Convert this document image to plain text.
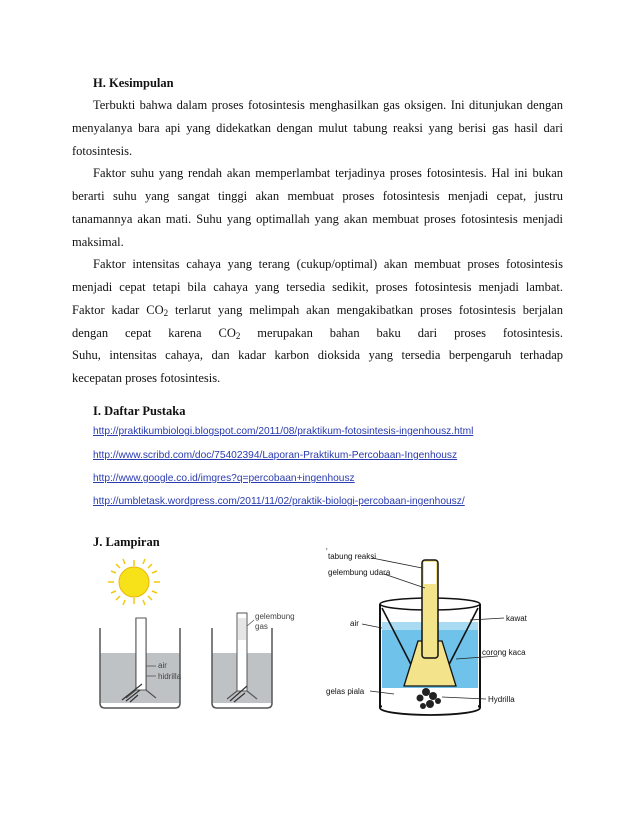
H. Kesimpulan
Terbukti bahwa dalam proses fotosintesis menghasilkan gas oksigen. Ini ditunjukan dengan
menyalanya bara api yang didekatkan dengan mulut tabung reaksi yang berisi gas hasil dari
fotosintesis.
Faktor suhu yang rendah akan memperlambat terjadinya proses fotosintesis. Hal ini bukan
berarti suhu yang sangat tinggi akan membuat proses fotosintesis menjadi cepat, justru
tanamannya akan mati. Suhu yang optimallah yang akan membuat proses fotosintesis menjadi
maksimal.
Faktor intensitas cahaya yang terang (cukup/optimal) akan membuat proses fotosintesis
menjadi cepat tetapi bila cahaya yang tersedia sedikit, proses fotosintesis menjadi lambat.
Faktor kadar $CO_2$ terlarut yang melimpah akan mengakibatkan proses fotosintesis berjalan
dengan cepat karena $CO_2$ merupakan bahan baku dari proses fotosintesis.
Suhu, intensitas cahaya, dan kadar karbon dioksida yang tersedia berpengaruh terhadap
kecepatan proses fotosintesis.
I. Daftar Pustaka
http://praktikumbiologi.blogspot.com/2011/08/praktikum-fotosintesis-ingenhousz.html
http://www.scribd.com/doc/75402394/Laporan-Praktikum-Percobaan-Ingenhousz
http://www.google.co.id/imgres?q=percobaan+ingenhousz
http://umbletask.wordpress.com/2011/11/02/praktik-biologi-percobaan-ingenhousz/
J. Lampiran
air
hidrilla
gelembung
gas
′
tabung reaksi
gelembung udara
air
kawat
corong kaca
gelas piala
Hydrilla
